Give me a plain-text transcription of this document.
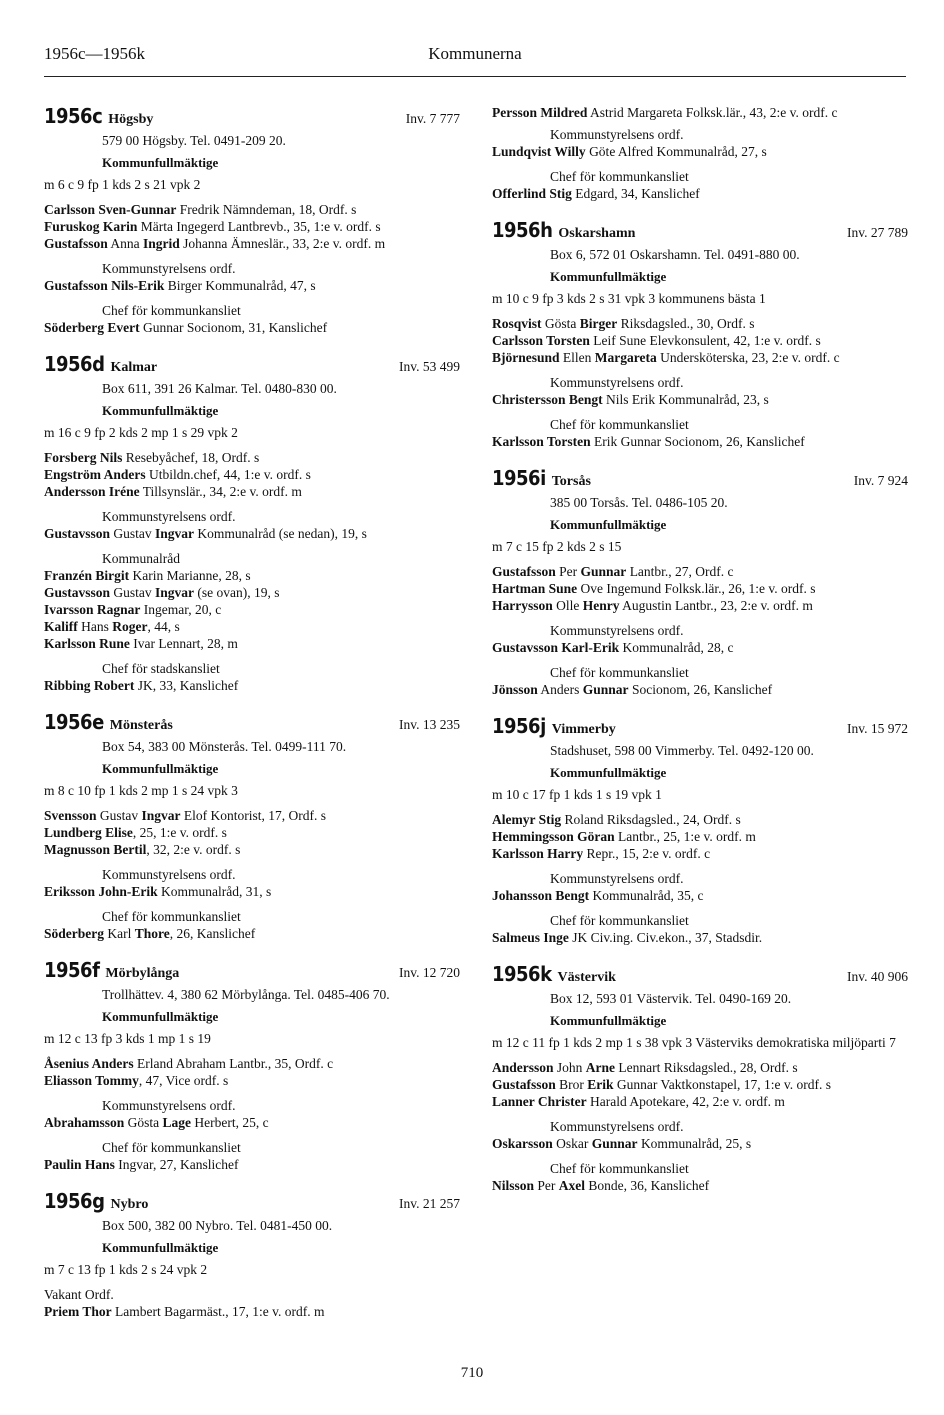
1956c—1956k	Kommunerna
1956c Högsby	Inv. 7 777
579 00 Högsby. Tel. 0491-209 20.
Kommunfullmäktige
m 6 c 9 fp 1 kds 2 s 21 vpk 2
Carlsson Sven-Gunnar Fredrik Nämndeman, 18, Ordf. s
Furuskog Karin Märta Ingegerd Lantbrevb., 35, 1:e v. ordf. s
Gustafsson Anna Ingrid Johanna Ämneslär., 33, 2:e v. ordf. m
Kommunstyrelsens ordf.
Gustafsson Nils-Erik Birger Kommunalråd, 47, s
Chef för kommunkansliet
Söderberg Evert Gunnar Socionom, 31, Kanslichef
1956d Kalmar	Inv. 53 499
Box 611, 391 26 Kalmar. Tel. 0480-830 00.
Kommunfullmäktige
m 16 c 9 fp 2 kds 2 mp 1 s 29 vpk 2
Forsberg Nils Resebyåchef, 18, Ordf. s
Engström Anders Utbildn.chef, 44, 1:e v. ordf. s
Andersson Iréne Tillsynslär., 34, 2:e v. ordf. m
Kommunstyrelsens ordf.
Gustavsson Gustav Ingvar Kommunalråd (se nedan), 19, s
Kommunalråd
Franzén Birgit Karin Marianne, 28, s
Gustavsson Gustav Ingvar (se ovan), 19, s
Ivarsson Ragnar Ingemar, 20, c
Kaliff Hans Roger, 44, s
Karlsson Rune Ivar Lennart, 28, m
Chef för stadskansliet
Ribbing Robert JK, 33, Kanslichef
1956e Mönsterås	Inv. 13 235
Box 54, 383 00 Mönsterås. Tel. 0499-111 70.
Kommunfullmäktige
m 8 c 10 fp 1 kds 2 mp 1 s 24 vpk 3
Svensson Gustav Ingvar Elof Kontorist, 17, Ordf. s
Lundberg Elise, 25, 1:e v. ordf. s
Magnusson Bertil, 32, 2:e v. ordf. s
Kommunstyrelsens ordf.
Eriksson John-Erik Kommunalråd, 31, s
Chef för kommunkansliet
Söderberg Karl Thore, 26, Kanslichef
1956f Mörbylånga	Inv. 12 720
Trollhättev. 4, 380 62 Mörbylånga. Tel. 0485-406 70.
Kommunfullmäktige
m 12 c 13 fp 3 kds 1 mp 1 s 19
Åsenius Anders Erland Abraham Lantbr., 35, Ordf. c
Eliasson Tommy, 47, Vice ordf. s
Kommunstyrelsens ordf.
Abrahamsson Gösta Lage Herbert, 25, c
Chef för kommunkansliet
Paulin Hans Ingvar, 27, Kanslichef
1956g Nybro	Inv. 21 257
Box 500, 382 00 Nybro. Tel. 0481-450 00.
Kommunfullmäktige
m 7 c 13 fp 1 kds 2 s 24 vpk 2
Vakant Ordf.
Priem Thor Lambert Bagarmäst., 17, 1:e v. ordf. m
Persson Mildred Astrid Margareta Folksk.lär., 43, 2:e v. ordf. c
Kommunstyrelsens ordf.
Lundqvist Willy Göte Alfred Kommunalråd, 27, s
Chef för kommunkansliet
Offerlind Stig Edgard, 34, Kanslichef
1956h Oskarshamn	Inv. 27 789
Box 6, 572 01 Oskarshamn. Tel. 0491-880 00.
Kommunfullmäktige
m 10 c 9 fp 3 kds 2 s 31 vpk 3 kommunens bästa 1
Rosqvist Gösta Birger Riksdagsled., 30, Ordf. s
Carlsson Torsten Leif Sune Elevkonsulent, 42, 1:e v. ordf. s
Björnesund Ellen Margareta Undersköterska, 23, 2:e v. ordf. c
Kommunstyrelsens ordf.
Christersson Bengt Nils Erik Kommunalråd, 23, s
Chef för kommunkansliet
Karlsson Torsten Erik Gunnar Socionom, 26, Kanslichef
1956i Torsås	Inv. 7 924
385 00 Torsås. Tel. 0486-105 20.
Kommunfullmäktige
m 7 c 15 fp 2 kds 2 s 15
Gustafsson Per Gunnar Lantbr., 27, Ordf. c
Hartman Sune Ove Ingemund Folksk.lär., 26, 1:e v. ordf. s
Harrysson Olle Henry Augustin Lantbr., 23, 2:e v. ordf. m
Kommunstyrelsens ordf.
Gustavsson Karl-Erik Kommunalråd, 28, c
Chef för kommunkansliet
Jönsson Anders Gunnar Socionom, 26, Kanslichef
1956j Vimmerby	Inv. 15 972
Stadshuset, 598 00 Vimmerby. Tel. 0492-120 00.
Kommunfullmäktige
m 10 c 17 fp 1 kds 1 s 19 vpk 1
Alemyr Stig Roland Riksdagsled., 24, Ordf. s
Hemmingsson Göran Lantbr., 25, 1:e v. ordf. m
Karlsson Harry Repr., 15, 2:e v. ordf. c
Kommunstyrelsens ordf.
Johansson Bengt Kommunalråd, 35, c
Chef för kommunkansliet
Salmeus Inge JK Civ.ing. Civ.ekon., 37, Stadsdir.
1956k Västervik	Inv. 40 906
Box 12, 593 01 Västervik. Tel. 0490-169 20.
Kommunfullmäktige
m 12 c 11 fp 1 kds 2 mp 1 s 38 vpk 3 Västerviks demokratiska miljöparti 7
Andersson John Arne Lennart Riksdagsled., 28, Ordf. s
Gustafsson Bror Erik Gunnar Vaktkonstapel, 17, 1:e v. ordf. s
Lanner Christer Harald Apotekare, 42, 2:e v. ordf. m
Kommunstyrelsens ordf.
Oskarsson Oskar Gunnar Kommunalråd, 25, s
Chef för kommunkansliet
Nilsson Per Axel Bonde, 36, Kanslichef
710
